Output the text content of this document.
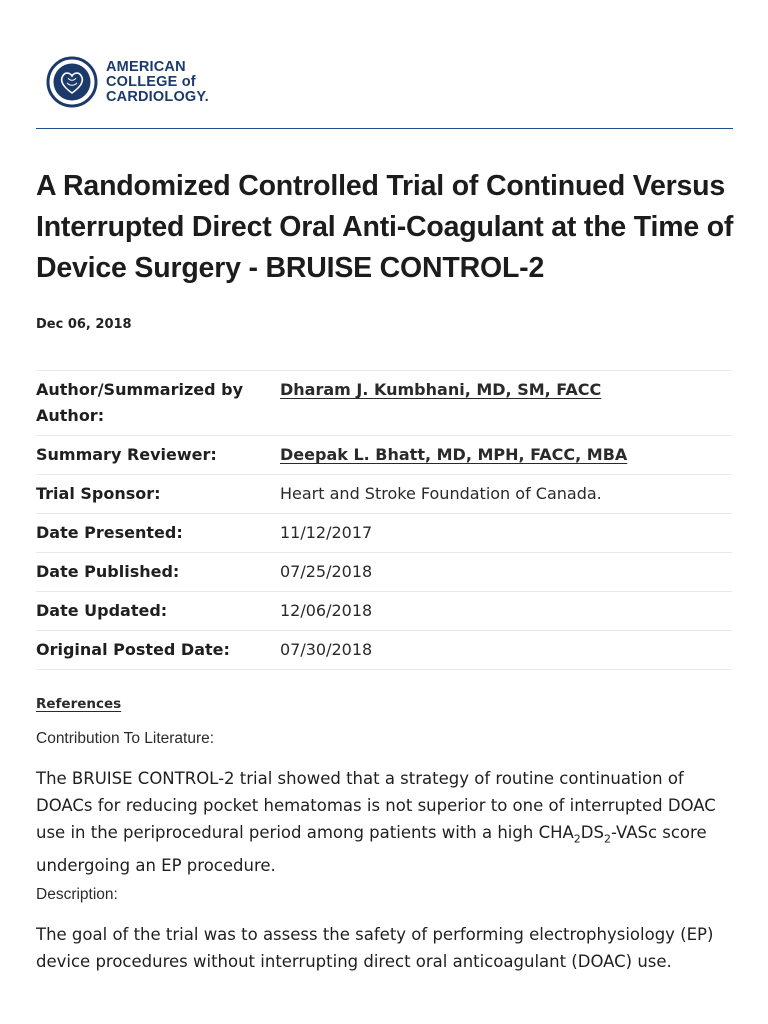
AMERICAN
COLLEGE of
CARDIOLOGY.
A Randomized Controlled Trial of Continued Versus Interrupted Direct Oral Anti-Coagulant at the Time of Device Surgery - BRUISE CONTROL-2
Dec 06, 2018
Author/Summarized by Author:	Dharam J. Kumbhani, MD, SM, FACC
Summary Reviewer:	Deepak L. Bhatt, MD, MPH, FACC, MBA
Trial Sponsor:	Heart and Stroke Foundation of Canada.
Date Presented:	11/12/2017
Date Published:	07/25/2018
Date Updated:	12/06/2018
Original Posted Date:	07/30/2018
References
Contribution To Literature:

The BRUISE CONTROL-2 trial showed that a strategy of routine continuation of DOACs for reducing pocket hematomas is not superior to one of interrupted DOAC use in the periprocedural period among patients with a high $CHA_2DS_2$-VASc score undergoing an EP procedure.

Description:

The goal of the trial was to assess the safety of performing electrophysiology (EP) device procedures without interrupting direct oral anticoagulant (DOAC) use.
